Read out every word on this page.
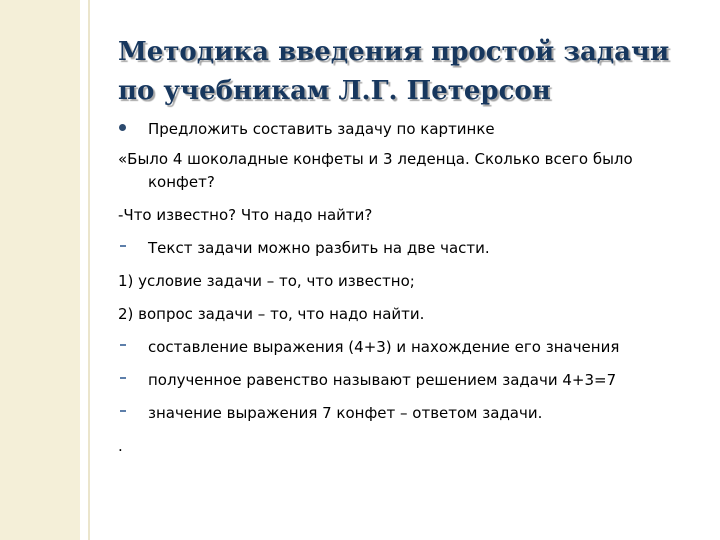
Методика введения простой задачи по учебникам Л.Г. Петерсон
Предложить составить задачу по картинке
«Было 4 шоколадные конфеты и 3 леденца. Сколько всего было конфет?
-Что известно? Что надо найти?
Текст задачи можно разбить на две части.
1) условие задачи – то, что известно;
2) вопрос задачи – то, что надо найти.
составление выражения (4+3) и нахождение его значения
полученное равенство называют решением задачи 4+3=7
значение выражения 7 конфет – ответом задачи.
.
